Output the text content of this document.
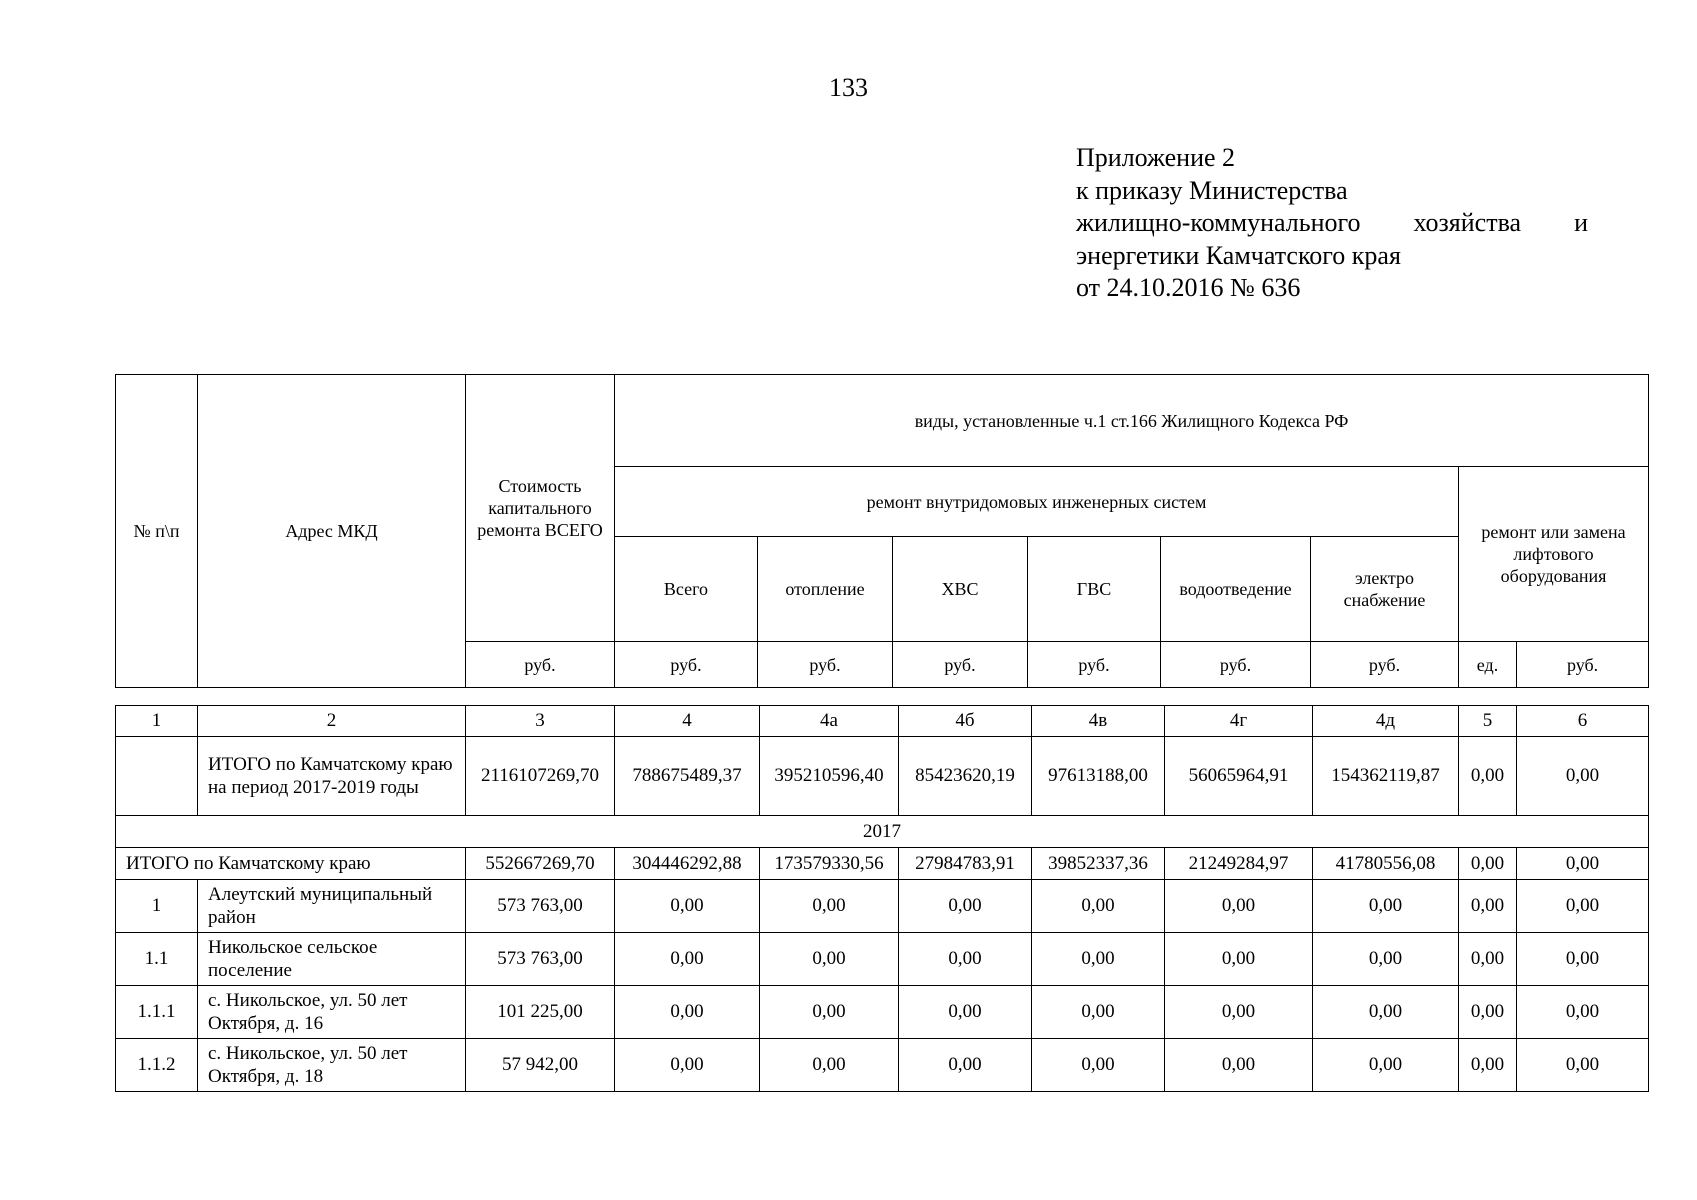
133
Приложение 2
к приказу Министерства
жилищно-коммунального хозяйства и
энергетики Камчатского края
от 24.10.2016 № 636
№ п\п	Адрес МКД	Стоимость капитального ремонта ВСЕГО	виды, установленные ч.1 ст.166 Жилищного Кодекса РФ							
			ремонт внутридомовых инженерных систем						ремонт или замена лифтового оборудования	
			Всего	отопление	ХВС	ГВС	водоотведение	электро снабжение		
		руб.	руб.	руб.	руб.	руб.	руб.	руб.	ед.	руб.
1	2	3	4	4а	4б	4в	4г	4д	5	6
	ИТОГО по Камчатскому краю на период 2017-2019 годы	2116107269,70	788675489,37	395210596,40	85423620,19	97613188,00	56065964,91	154362119,87	0,00	0,00
2017										
ИТОГО по Камчатскому краю		552667269,70	304446292,88	173579330,56	27984783,91	39852337,36	21249284,97	41780556,08	0,00	0,00
1	Алеутский муниципальный район	573 763,00	0,00	0,00	0,00	0,00	0,00	0,00	0,00	0,00
1.1	Никольское сельское поселение	573 763,00	0,00	0,00	0,00	0,00	0,00	0,00	0,00	0,00
1.1.1	с. Никольское, ул. 50 лет Октября, д. 16	101 225,00	0,00	0,00	0,00	0,00	0,00	0,00	0,00	0,00
1.1.2	с. Никольское, ул. 50 лет Октября, д. 18	57 942,00	0,00	0,00	0,00	0,00	0,00	0,00	0,00	0,00
